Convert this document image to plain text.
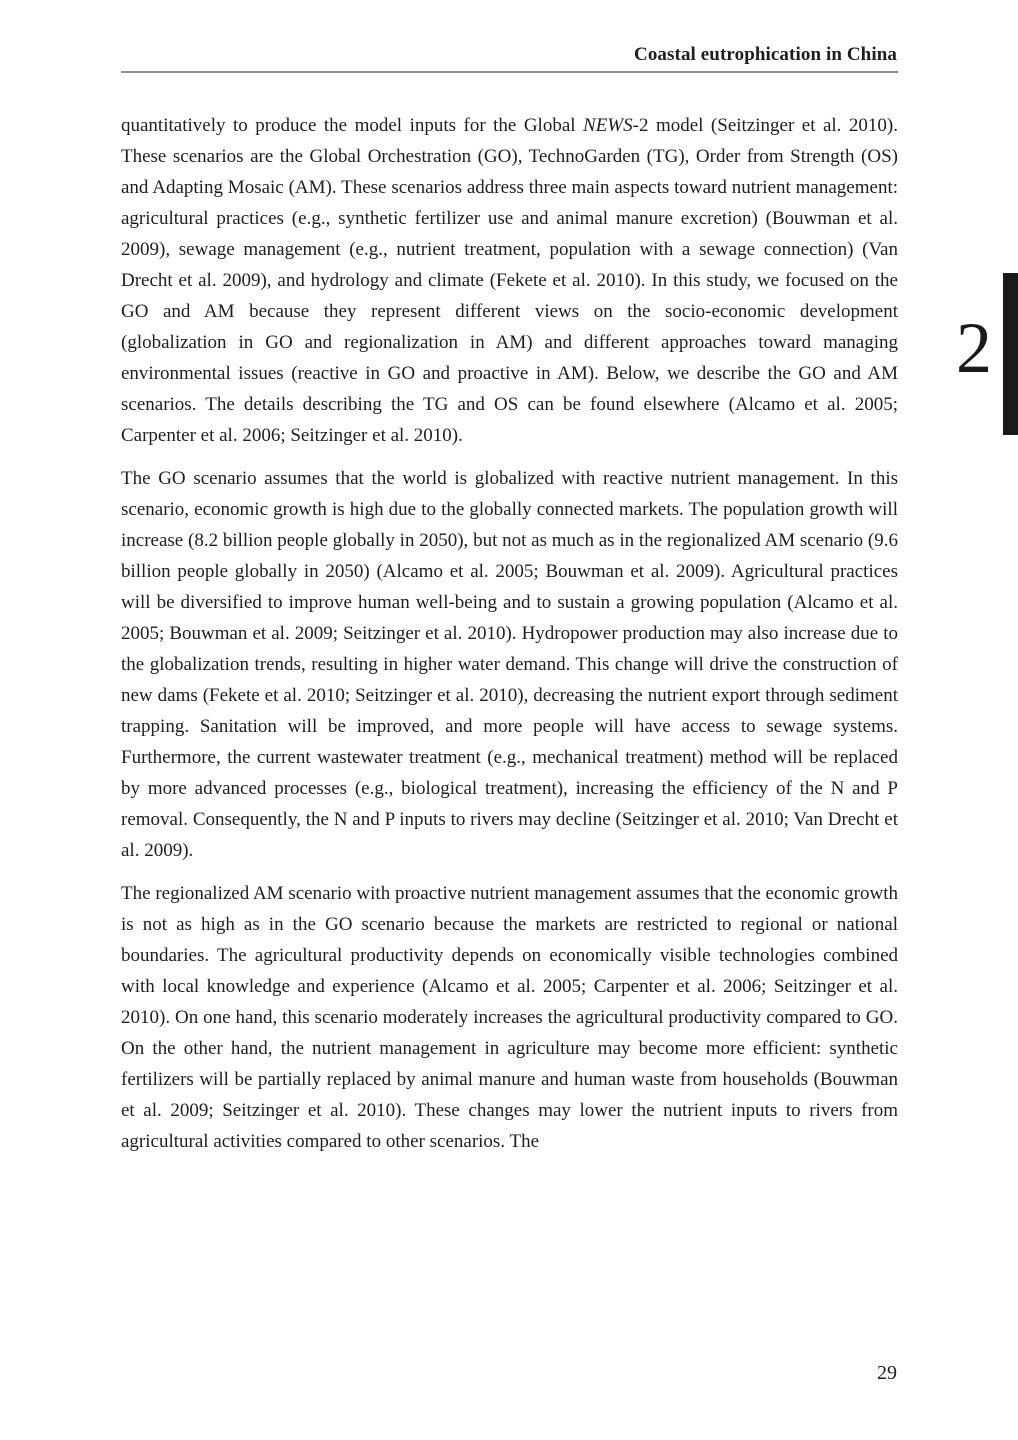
Coastal eutrophication in China
2

quantitatively to produce the model inputs for the Global NEWS-2 model (Seitzinger et al. 2010). These scenarios are the Global Orchestration (GO), TechnoGarden (TG), Order from Strength (OS) and Adapting Mosaic (AM). These scenarios address three main aspects toward nutrient management: agricultural practices (e.g., synthetic fertilizer use and animal manure excretion) (Bouwman et al. 2009), sewage management (e.g., nutrient treatment, population with a sewage connection) (Van Drecht et al. 2009), and hydrology and climate (Fekete et al. 2010). In this study, we focused on the GO and AM because they represent different views on the socio-economic development (globalization in GO and regionalization in AM) and different approaches toward managing environmental issues (reactive in GO and proactive in AM). Below, we describe the GO and AM scenarios. The details describing the TG and OS can be found elsewhere (Alcamo et al. 2005; Carpenter et al. 2006; Seitzinger et al. 2010).

The GO scenario assumes that the world is globalized with reactive nutrient management. In this scenario, economic growth is high due to the globally connected markets. The population growth will increase (8.2 billion people globally in 2050), but not as much as in the regionalized AM scenario (9.6 billion people globally in 2050) (Alcamo et al. 2005; Bouwman et al. 2009). Agricultural practices will be diversified to improve human well-being and to sustain a growing population (Alcamo et al. 2005; Bouwman et al. 2009; Seitzinger et al. 2010). Hydropower production may also increase due to the globalization trends, resulting in higher water demand. This change will drive the construction of new dams (Fekete et al. 2010; Seitzinger et al. 2010), decreasing the nutrient export through sediment trapping. Sanitation will be improved, and more people will have access to sewage systems. Furthermore, the current wastewater treatment (e.g., mechanical treatment) method will be replaced by more advanced processes (e.g., biological treatment), increasing the efficiency of the N and P removal. Consequently, the N and P inputs to rivers may decline (Seitzinger et al. 2010; Van Drecht et al. 2009).

The regionalized AM scenario with proactive nutrient management assumes that the economic growth is not as high as in the GO scenario because the markets are restricted to regional or national boundaries. The agricultural productivity depends on economically visible technologies combined with local knowledge and experience (Alcamo et al. 2005; Carpenter et al. 2006; Seitzinger et al. 2010). On one hand, this scenario moderately increases the agricultural productivity compared to GO. On the other hand, the nutrient management in agriculture may become more efficient: synthetic fertilizers will be partially replaced by animal manure and human waste from households (Bouwman et al. 2009; Seitzinger et al. 2010). These changes may lower the nutrient inputs to rivers from agricultural activities compared to other scenarios. The

29
